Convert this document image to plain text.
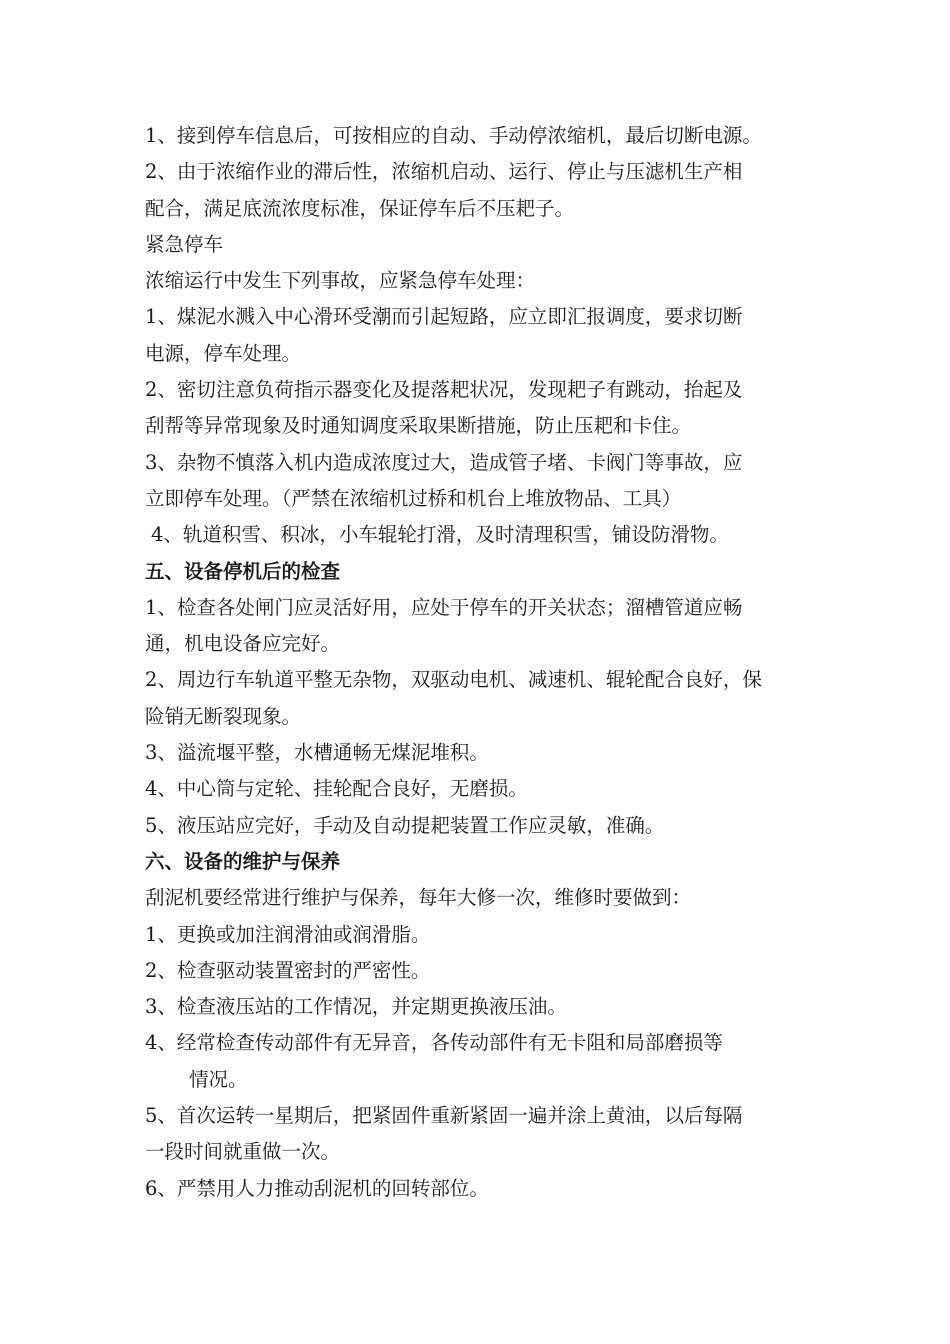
1、接到停车信息后，可按相应的自动、手动停浓缩机，最后切断电源。
2、由于浓缩作业的滞后性，浓缩机启动、运行、停止与压滤机生产相
配合，满足底流浓度标准，保证停车后不压耙子。
紧急停车
浓缩运行中发生下列事故，应紧急停车处理：
1、煤泥水溅入中心滑环受潮而引起短路，应立即汇报调度，要求切断
电源，停车处理。
2、密切注意负荷指示器变化及提落耙状况，发现耙子有跳动，抬起及
刮帮等异常现象及时通知调度采取果断措施，防止压耙和卡住。
3、杂物不慎落入机内造成浓度过大，造成管子堵、卡阀门等事故，应
立即停车处理。（严禁在浓缩机过桥和机台上堆放物品、工具）
4、轨道积雪、积冰，小车辊轮打滑，及时清理积雪，铺设防滑物。
五、设备停机后的检查
1、检查各处闸门应灵活好用，应处于停车的开关状态；溜槽管道应畅
通，机电设备应完好。
2、周边行车轨道平整无杂物，双驱动电机、减速机、辊轮配合良好，保
险销无断裂现象。
3、溢流堰平整，水槽通畅无煤泥堆积。
4、中心筒与定轮、挂轮配合良好，无磨损。
5、液压站应完好，手动及自动提耙装置工作应灵敏，准确。
六、设备的维护与保养
刮泥机要经常进行维护与保养，每年大修一次，维修时要做到：
1、更换或加注润滑油或润滑脂。
2、检查驱动装置密封的严密性。
3、检查液压站的工作情况，并定期更换液压油。
4、经常检查传动部件有无异音，各传动部件有无卡阻和局部磨损等
情况。
5、首次运转一星期后，把紧固件重新紧固一遍并涂上黄油，以后每隔
一段时间就重做一次。
6、严禁用人力推动刮泥机的回转部位。
